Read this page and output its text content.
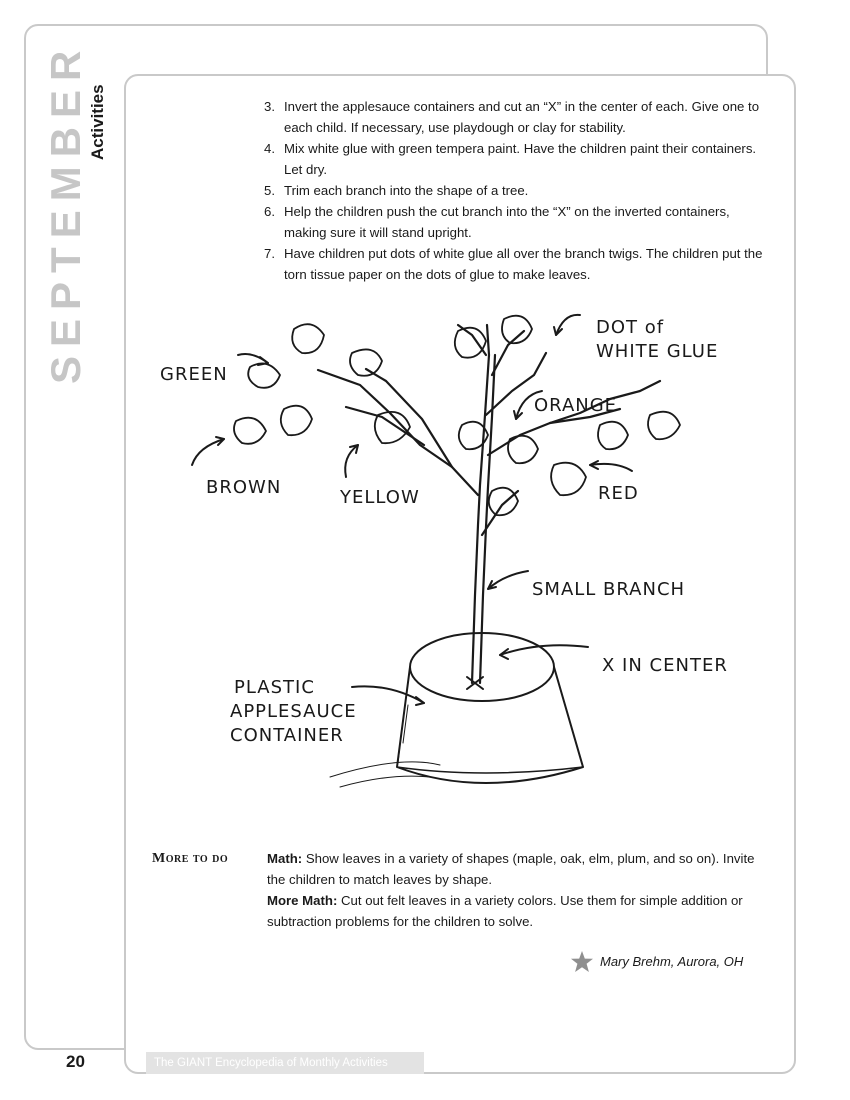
SEPTEMBER Activities	3. Invert the applesauce containers and cut an “X” in the center of each. Give one to each child. If necessary, use playdough or clay for stability.
4. Mix white glue with green tempera paint. Have the children paint their containers. Let dry.
5. Trim each branch into the shape of a tree.
6. Help the children push the cut branch into the “X” on the inverted containers, making sure it will stand upright.
7. Have children put dots of white glue all over the branch twigs. The children put the torn tissue paper on the dots of glue to make leaves.
GREEN
BROWN	YELLOW
DOT of
WHITE GLUE
ORANGE
RED
SMALL BRANCH
X IN CENTER
PLASTIC
APPLESAUCE
CONTAINER
More to do	Math: Show leaves in a variety of shapes (maple, oak, elm, plum, and so on). Invite the children to match leaves by shape.

More Math: Cut out felt leaves in a variety colors. Use them for simple addition or subtraction problems for the children to solve.

Mary Brehm, Aurora, OH
20	The GIANT Encyclopedia of Monthly Activities
